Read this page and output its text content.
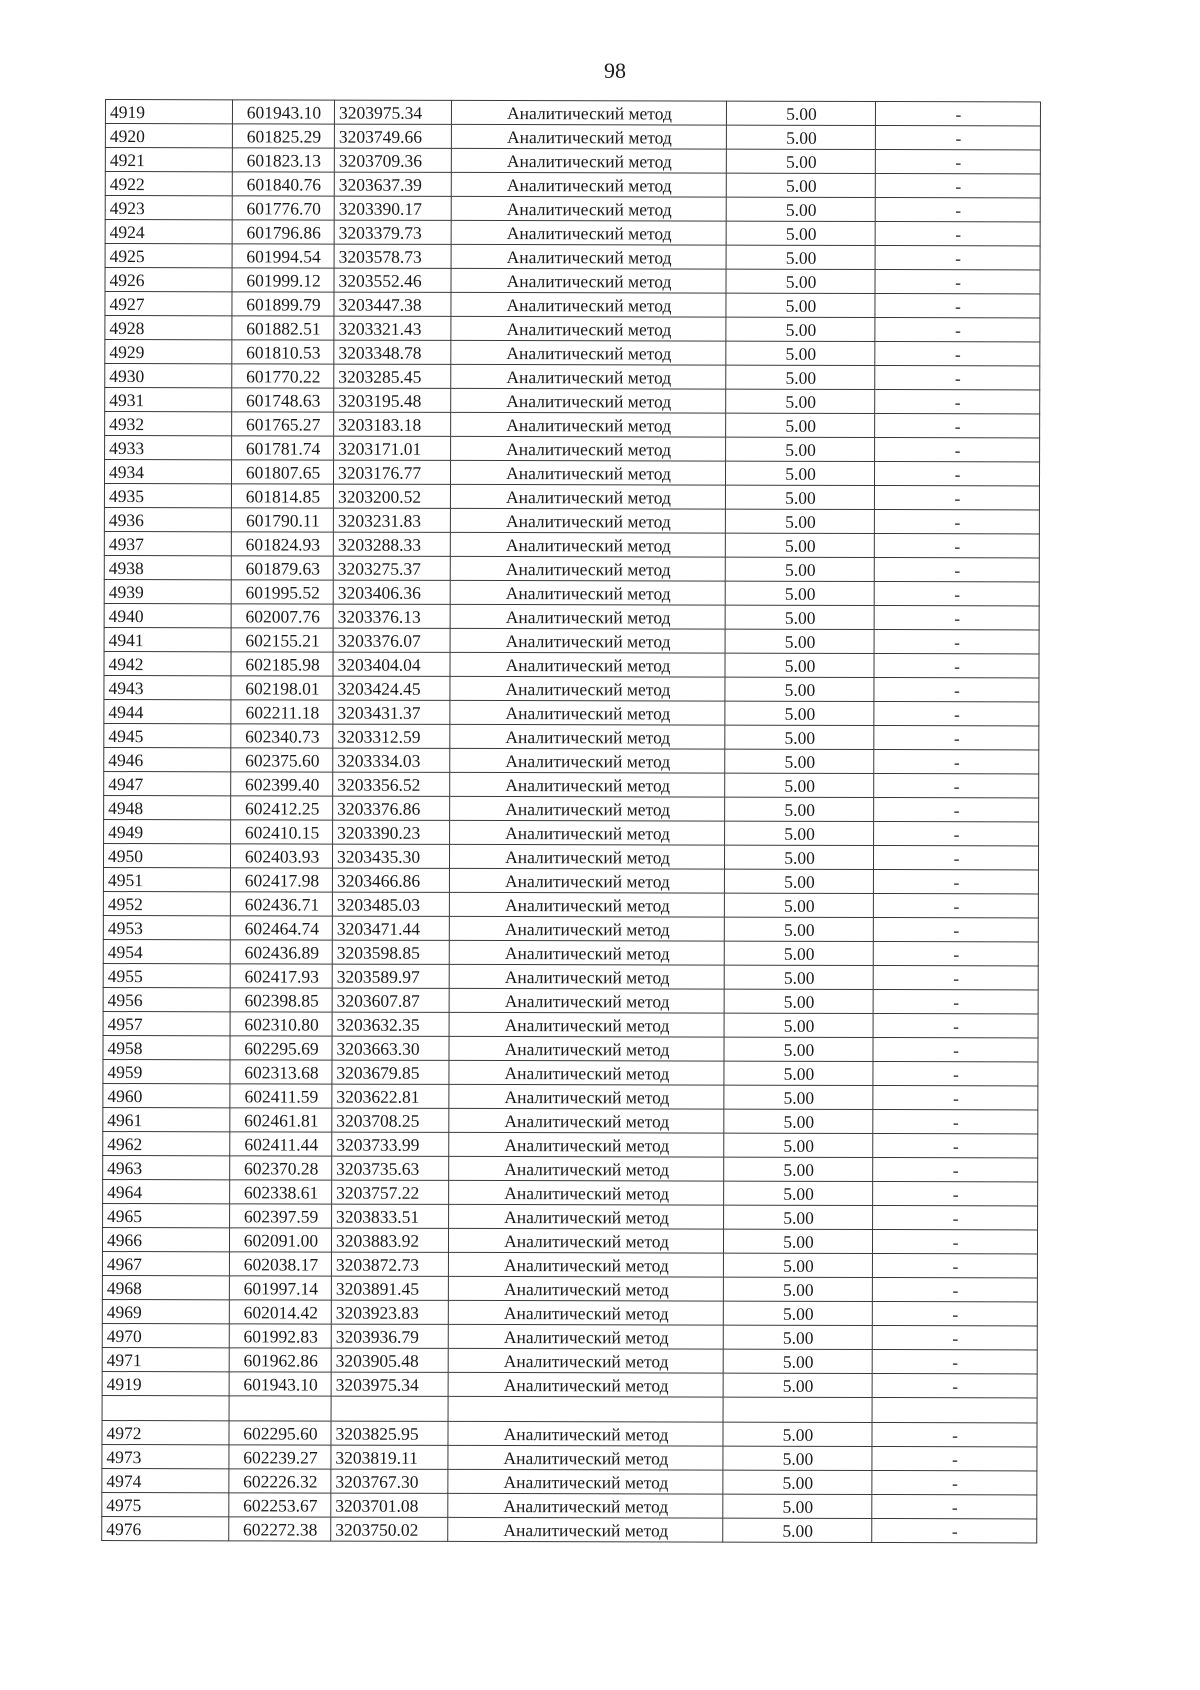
98
4919	601943.10	3203975.34	Аналитический метод	5.00	-
4920	601825.29	3203749.66	Аналитический метод	5.00	-
4921	601823.13	3203709.36	Аналитический метод	5.00	-
4922	601840.76	3203637.39	Аналитический метод	5.00	-
4923	601776.70	3203390.17	Аналитический метод	5.00	-
4924	601796.86	3203379.73	Аналитический метод	5.00	-
4925	601994.54	3203578.73	Аналитический метод	5.00	-
4926	601999.12	3203552.46	Аналитический метод	5.00	-
4927	601899.79	3203447.38	Аналитический метод	5.00	-
4928	601882.51	3203321.43	Аналитический метод	5.00	-
4929	601810.53	3203348.78	Аналитический метод	5.00	-
4930	601770.22	3203285.45	Аналитический метод	5.00	-
4931	601748.63	3203195.48	Аналитический метод	5.00	-
4932	601765.27	3203183.18	Аналитический метод	5.00	-
4933	601781.74	3203171.01	Аналитический метод	5.00	-
4934	601807.65	3203176.77	Аналитический метод	5.00	-
4935	601814.85	3203200.52	Аналитический метод	5.00	-
4936	601790.11	3203231.83	Аналитический метод	5.00	-
4937	601824.93	3203288.33	Аналитический метод	5.00	-
4938	601879.63	3203275.37	Аналитический метод	5.00	-
4939	601995.52	3203406.36	Аналитический метод	5.00	-
4940	602007.76	3203376.13	Аналитический метод	5.00	-
4941	602155.21	3203376.07	Аналитический метод	5.00	-
4942	602185.98	3203404.04	Аналитический метод	5.00	-
4943	602198.01	3203424.45	Аналитический метод	5.00	-
4944	602211.18	3203431.37	Аналитический метод	5.00	-
4945	602340.73	3203312.59	Аналитический метод	5.00	-
4946	602375.60	3203334.03	Аналитический метод	5.00	-
4947	602399.40	3203356.52	Аналитический метод	5.00	-
4948	602412.25	3203376.86	Аналитический метод	5.00	-
4949	602410.15	3203390.23	Аналитический метод	5.00	-
4950	602403.93	3203435.30	Аналитический метод	5.00	-
4951	602417.98	3203466.86	Аналитический метод	5.00	-
4952	602436.71	3203485.03	Аналитический метод	5.00	-
4953	602464.74	3203471.44	Аналитический метод	5.00	-
4954	602436.89	3203598.85	Аналитический метод	5.00	-
4955	602417.93	3203589.97	Аналитический метод	5.00	-
4956	602398.85	3203607.87	Аналитический метод	5.00	-
4957	602310.80	3203632.35	Аналитический метод	5.00	-
4958	602295.69	3203663.30	Аналитический метод	5.00	-
4959	602313.68	3203679.85	Аналитический метод	5.00	-
4960	602411.59	3203622.81	Аналитический метод	5.00	-
4961	602461.81	3203708.25	Аналитический метод	5.00	-
4962	602411.44	3203733.99	Аналитический метод	5.00	-
4963	602370.28	3203735.63	Аналитический метод	5.00	-
4964	602338.61	3203757.22	Аналитический метод	5.00	-
4965	602397.59	3203833.51	Аналитический метод	5.00	-
4966	602091.00	3203883.92	Аналитический метод	5.00	-
4967	602038.17	3203872.73	Аналитический метод	5.00	-
4968	601997.14	3203891.45	Аналитический метод	5.00	-
4969	602014.42	3203923.83	Аналитический метод	5.00	-
4970	601992.83	3203936.79	Аналитический метод	5.00	-
4971	601962.86	3203905.48	Аналитический метод	5.00	-
4919	601943.10	3203975.34	Аналитический метод	5.00	-

4972	602295.60	3203825.95	Аналитический метод	5.00	-
4973	602239.27	3203819.11	Аналитический метод	5.00	-
4974	602226.32	3203767.30	Аналитический метод	5.00	-
4975	602253.67	3203701.08	Аналитический метод	5.00	-
4976	602272.38	3203750.02	Аналитический метод	5.00	-
